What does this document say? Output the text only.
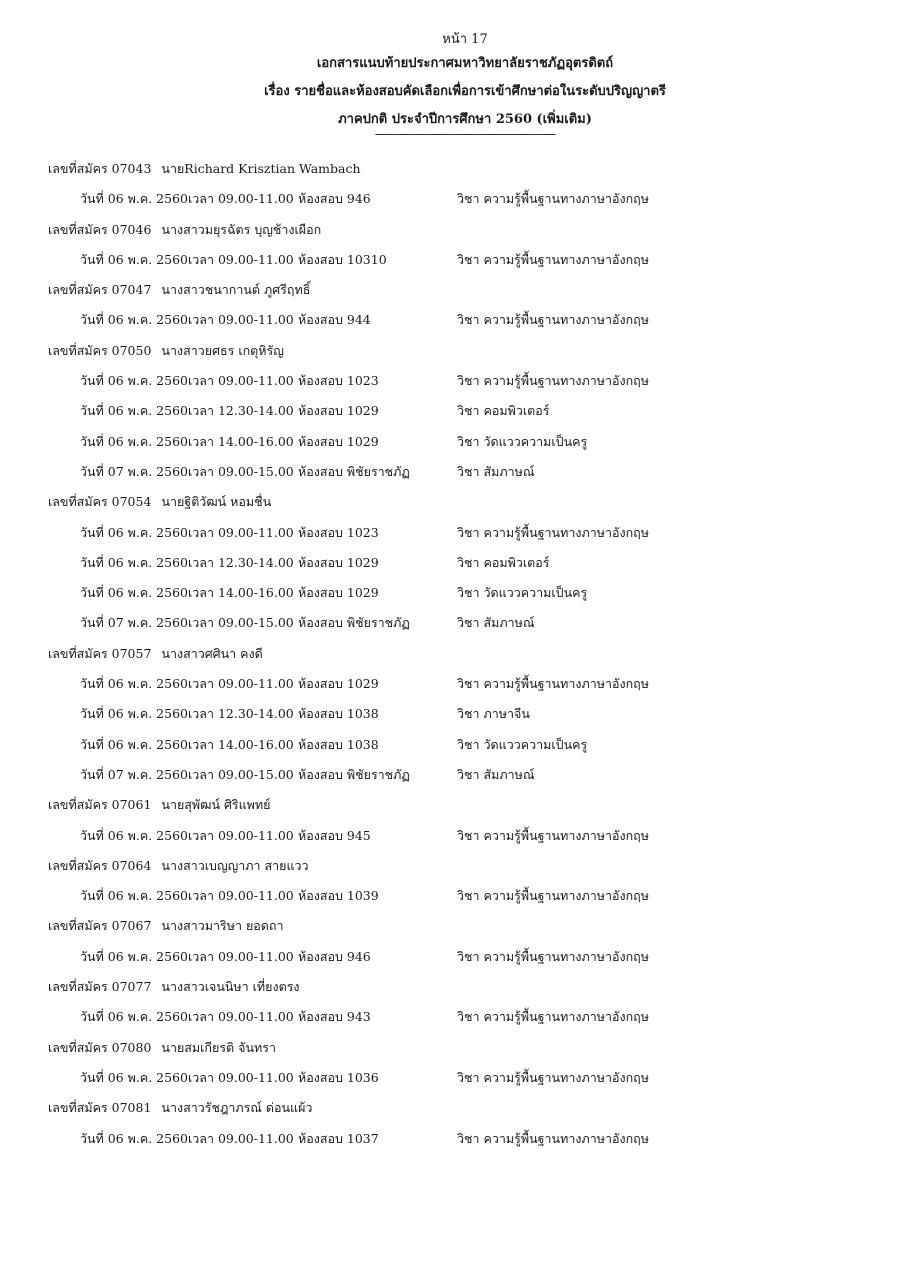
หน้า 17
เอกสารแนบท้ายประกาศมหาวิทยาลัยราชภัฏอุตรดิตถ์
เรื่อง รายชื่อและห้องสอบคัดเลือกเพื่อการเข้าศึกษาต่อในระดับปริญญาตรี
ภาคปกติ ประจำปีการศึกษา 2560 (เพิ่มเติม)
-----------------------------------------------------------
เลขที่สมัคร 07043 นายRichard Krisztian Wambach
วันที่ 06 พ.ค. 2560 เวลา 09.00-11.00 ห้องสอบ 946	วิชา ความรู้พื้นฐานทางภาษาอังกฤษ
เลขที่สมัคร 07046 นางสาวมยุรฉัตร บุญช้างเผือก
วันที่ 06 พ.ค. 2560 เวลา 09.00-11.00 ห้องสอบ 10310	วิชา ความรู้พื้นฐานทางภาษาอังกฤษ
เลขที่สมัคร 07047 นางสาวชนากานต์ ภูศรีฤทธิ์
วันที่ 06 พ.ค. 2560 เวลา 09.00-11.00 ห้องสอบ 944	วิชา ความรู้พื้นฐานทางภาษาอังกฤษ
เลขที่สมัคร 07050 นางสาวยศธร เกตุหิรัญ
วันที่ 06 พ.ค. 2560 เวลา 09.00-11.00 ห้องสอบ 1023	วิชา ความรู้พื้นฐานทางภาษาอังกฤษ
วันที่ 06 พ.ค. 2560 เวลา 12.30-14.00 ห้องสอบ 1029	วิชา คอมพิวเตอร์
วันที่ 06 พ.ค. 2560 เวลา 14.00-16.00 ห้องสอบ 1029	วิชา วัดแววความเป็นครู
วันที่ 07 พ.ค. 2560 เวลา 09.00-15.00 ห้องสอบ พิชัยราชภัฏ	วิชา สัมภาษณ์
เลขที่สมัคร 07054 นายฐิติวัฒน์ หอมชื่น
วันที่ 06 พ.ค. 2560 เวลา 09.00-11.00 ห้องสอบ 1023	วิชา ความรู้พื้นฐานทางภาษาอังกฤษ
วันที่ 06 พ.ค. 2560 เวลา 12.30-14.00 ห้องสอบ 1029	วิชา คอมพิวเตอร์
วันที่ 06 พ.ค. 2560 เวลา 14.00-16.00 ห้องสอบ 1029	วิชา วัดแววความเป็นครู
วันที่ 07 พ.ค. 2560 เวลา 09.00-15.00 ห้องสอบ พิชัยราชภัฏ	วิชา สัมภาษณ์
เลขที่สมัคร 07057 นางสาวศศินา คงดี
วันที่ 06 พ.ค. 2560 เวลา 09.00-11.00 ห้องสอบ 1029	วิชา ความรู้พื้นฐานทางภาษาอังกฤษ
วันที่ 06 พ.ค. 2560 เวลา 12.30-14.00 ห้องสอบ 1038	วิชา ภาษาจีน
วันที่ 06 พ.ค. 2560 เวลา 14.00-16.00 ห้องสอบ 1038	วิชา วัดแววความเป็นครู
วันที่ 07 พ.ค. 2560 เวลา 09.00-15.00 ห้องสอบ พิชัยราชภัฏ	วิชา สัมภาษณ์
เลขที่สมัคร 07061 นายสุพัฒน์ ศิริแพทย์
วันที่ 06 พ.ค. 2560 เวลา 09.00-11.00 ห้องสอบ 945	วิชา ความรู้พื้นฐานทางภาษาอังกฤษ
เลขที่สมัคร 07064 นางสาวเบญญาภา สายแวว
วันที่ 06 พ.ค. 2560 เวลา 09.00-11.00 ห้องสอบ 1039	วิชา ความรู้พื้นฐานทางภาษาอังกฤษ
เลขที่สมัคร 07067 นางสาวมาริษา ยอดถา
วันที่ 06 พ.ค. 2560 เวลา 09.00-11.00 ห้องสอบ 946	วิชา ความรู้พื้นฐานทางภาษาอังกฤษ
เลขที่สมัคร 07077 นางสาวเจนนิษา เที่ยงตรง
วันที่ 06 พ.ค. 2560 เวลา 09.00-11.00 ห้องสอบ 943	วิชา ความรู้พื้นฐานทางภาษาอังกฤษ
เลขที่สมัคร 07080 นายสมเกียรติ จันทรา
วันที่ 06 พ.ค. 2560 เวลา 09.00-11.00 ห้องสอบ 1036	วิชา ความรู้พื้นฐานทางภาษาอังกฤษ
เลขที่สมัคร 07081 นางสาวรัชฎาภรณ์ ด่อนแผ้ว
วันที่ 06 พ.ค. 2560 เวลา 09.00-11.00 ห้องสอบ 1037	วิชา ความรู้พื้นฐานทางภาษาอังกฤษ
